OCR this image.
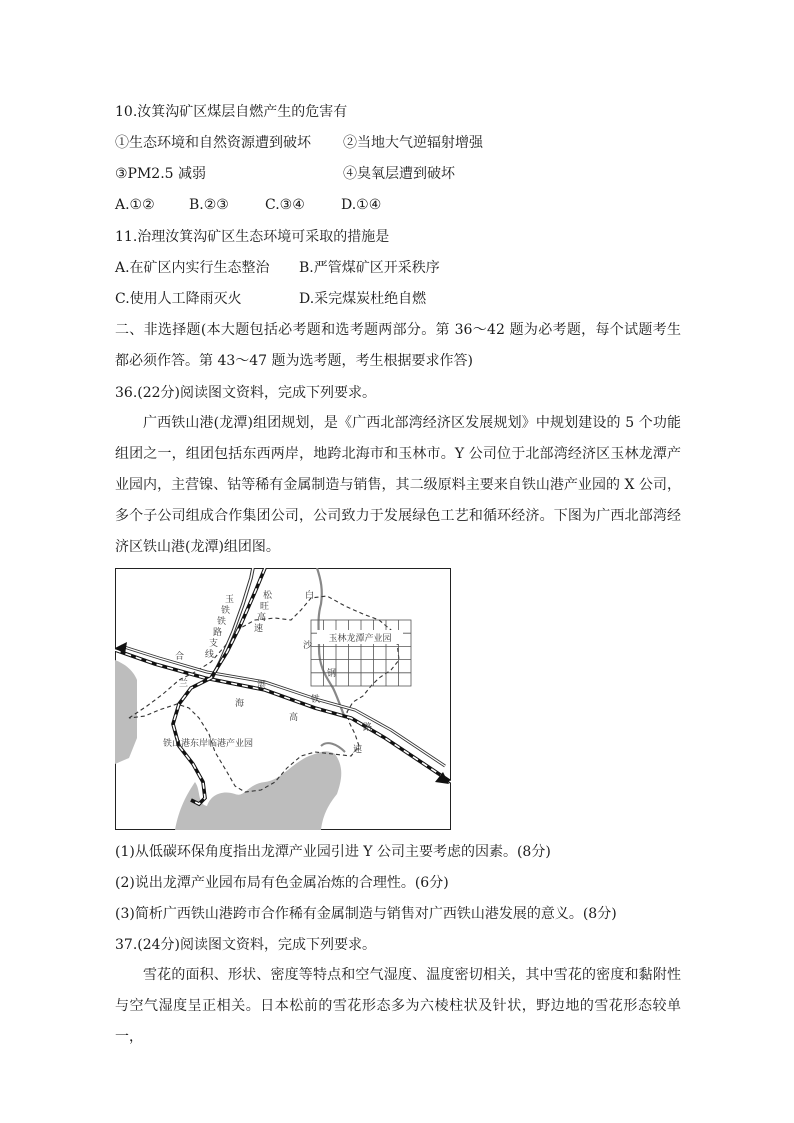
10.汝箕沟矿区煤层自燃产生的危害有
①生态环境和自然资源遭到破坏 ②当地大气逆辐射增强
③PM2.5 减弱	④臭氧层遭到破坏
A.①② B.②③	C.③④	D.①④
11.治理汝箕沟矿区生态环境可采取的措施是
A.在矿区内实行生态整治 B.严管煤矿区开采秩序
C.使用人工降雨灭火	D.采完煤炭杜绝自燃
二、非选择题(本大题包括必考题和选考题两部分。第 36～42 题为必考题，每个试题考生都必须作答。第 43～47 题为选考题，考生根据要求作答)
36.(22分)阅读图文资料，完成下列要求。
广西铁山港(龙潭)组团规划，是《广西北部湾经济区发展规划》中规划建设的 5 个功能组团之一，组团包括东西两岸，地跨北海市和玉林市。Y 公司位于北部湾经济区玉林龙潭产业园内，主营镍、钴等稀有金属制造与销售，其二级原料主要来自铁山港产业园的 X 公司，多个子公司组成合作集团公司，公司致力于发展绿色工艺和循环经济。下图为广西北部湾经济区铁山港(龙潭)组团图。
玉林龙潭产业园
玉
铁
铁
路
支
线
松
旺
高
速
白
沙
钢
合
兰	湛
海
高
铁
路
速
铁山港东岸临港产业园
(1)从低碳环保角度指出龙潭产业园引进 Y 公司主要考虑的因素。(8分)
(2)说出龙潭产业园布局有色金属冶炼的合理性。(6分)
(3)简析广西铁山港跨市合作稀有金属制造与销售对广西铁山港发展的意义。(8分)
37.(24分)阅读图文资料，完成下列要求。
雪花的面积、形状、密度等特点和空气湿度、温度密切相关，其中雪花的密度和黏附性与空气湿度呈正相关。日本松前的雪花形态多为六棱柱状及针状，野边地的雪花形态较单一，
